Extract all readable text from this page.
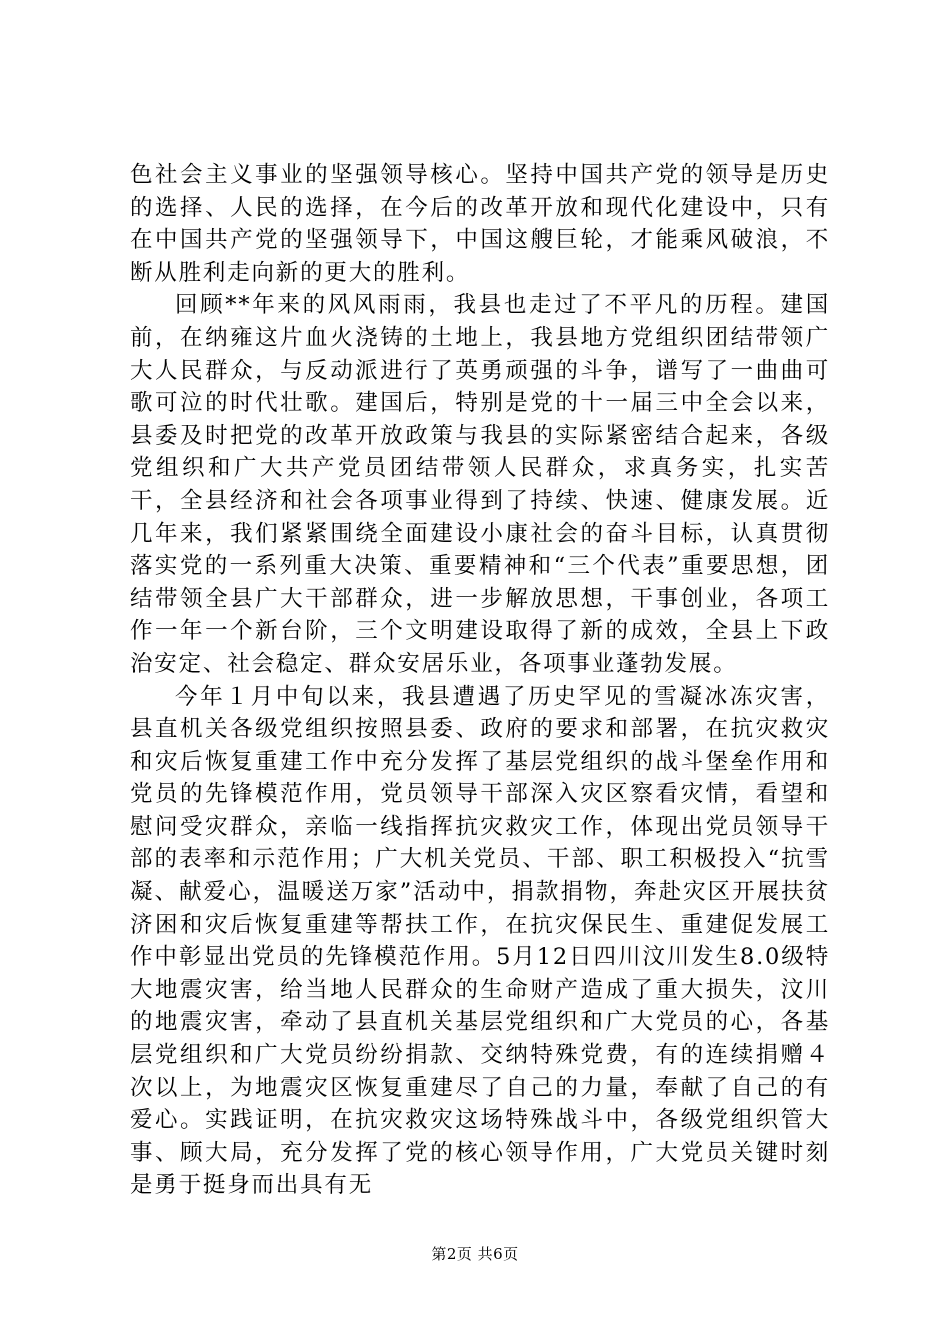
色社会主义事业的坚强领导核心。坚持中国共产党的领导是历史的选择、人民的选择，在今后的改革开放和现代化建设中，只有在中国共产党的坚强领导下，中国这艘巨轮，才能乘风破浪，不断从胜利走向新的更大的胜利。

回顾**年来的风风雨雨，我县也走过了不平凡的历程。建国前，在纳雍这片血火浇铸的土地上，我县地方党组织团结带领广大人民群众，与反动派进行了英勇顽强的斗争，谱写了一曲曲可歌可泣的时代壮歌。建国后，特别是党的十一届三中全会以来，县委及时把党的改革开放政策与我县的实际紧密结合起来，各级党组织和广大共产党员团结带领人民群众，求真务实，扎实苦干，全县经济和社会各项事业得到了持续、快速、健康发展。近几年来，我们紧紧围绕全面建设小康社会的奋斗目标，认真贯彻落实党的一系列重大决策、重要精神和“三个代表”重要思想，团结带领全县广大干部群众，进一步解放思想，干事创业，各项工作一年一个新台阶，三个文明建设取得了新的成效，全县上下政治安定、社会稳定、群众安居乐业，各项事业蓬勃发展。

今年１月中旬以来，我县遭遇了历史罕见的雪凝冰冻灾害，县直机关各级党组织按照县委、政府的要求和部署，在抗灾救灾和灾后恢复重建工作中充分发挥了基层党组织的战斗堡垒作用和党员的先锋模范作用，党员领导干部深入灾区察看灾情，看望和慰问受灾群众，亲临一线指挥抗灾救灾工作，体现出党员领导干部的表率和示范作用；广大机关党员、干部、职工积极投入“抗雪凝、献爱心，温暖送万家”活动中，捐款捐物，奔赴灾区开展扶贫济困和灾后恢复重建等帮扶工作，在抗灾保民生、重建促发展工作中彰显出党员的先锋模范作用。5月12日四川汶川发生8.0级特大地震灾害，给当地人民群众的生命财产造成了重大损失，汶川的地震灾害，牵动了县直机关基层党组织和广大党员的心，各基层党组织和广大党员纷纷捐款、交纳特殊党费，有的连续捐赠４次以上，为地震灾区恢复重建尽了自己的力量，奉献了自己的有爱心。实践证明，在抗灾救灾这场特殊战斗中，各级党组织管大事、顾大局，充分发挥了党的核心领导作用，广大党员关键时刻是勇于挺身而出具有无

第2页 共6页
